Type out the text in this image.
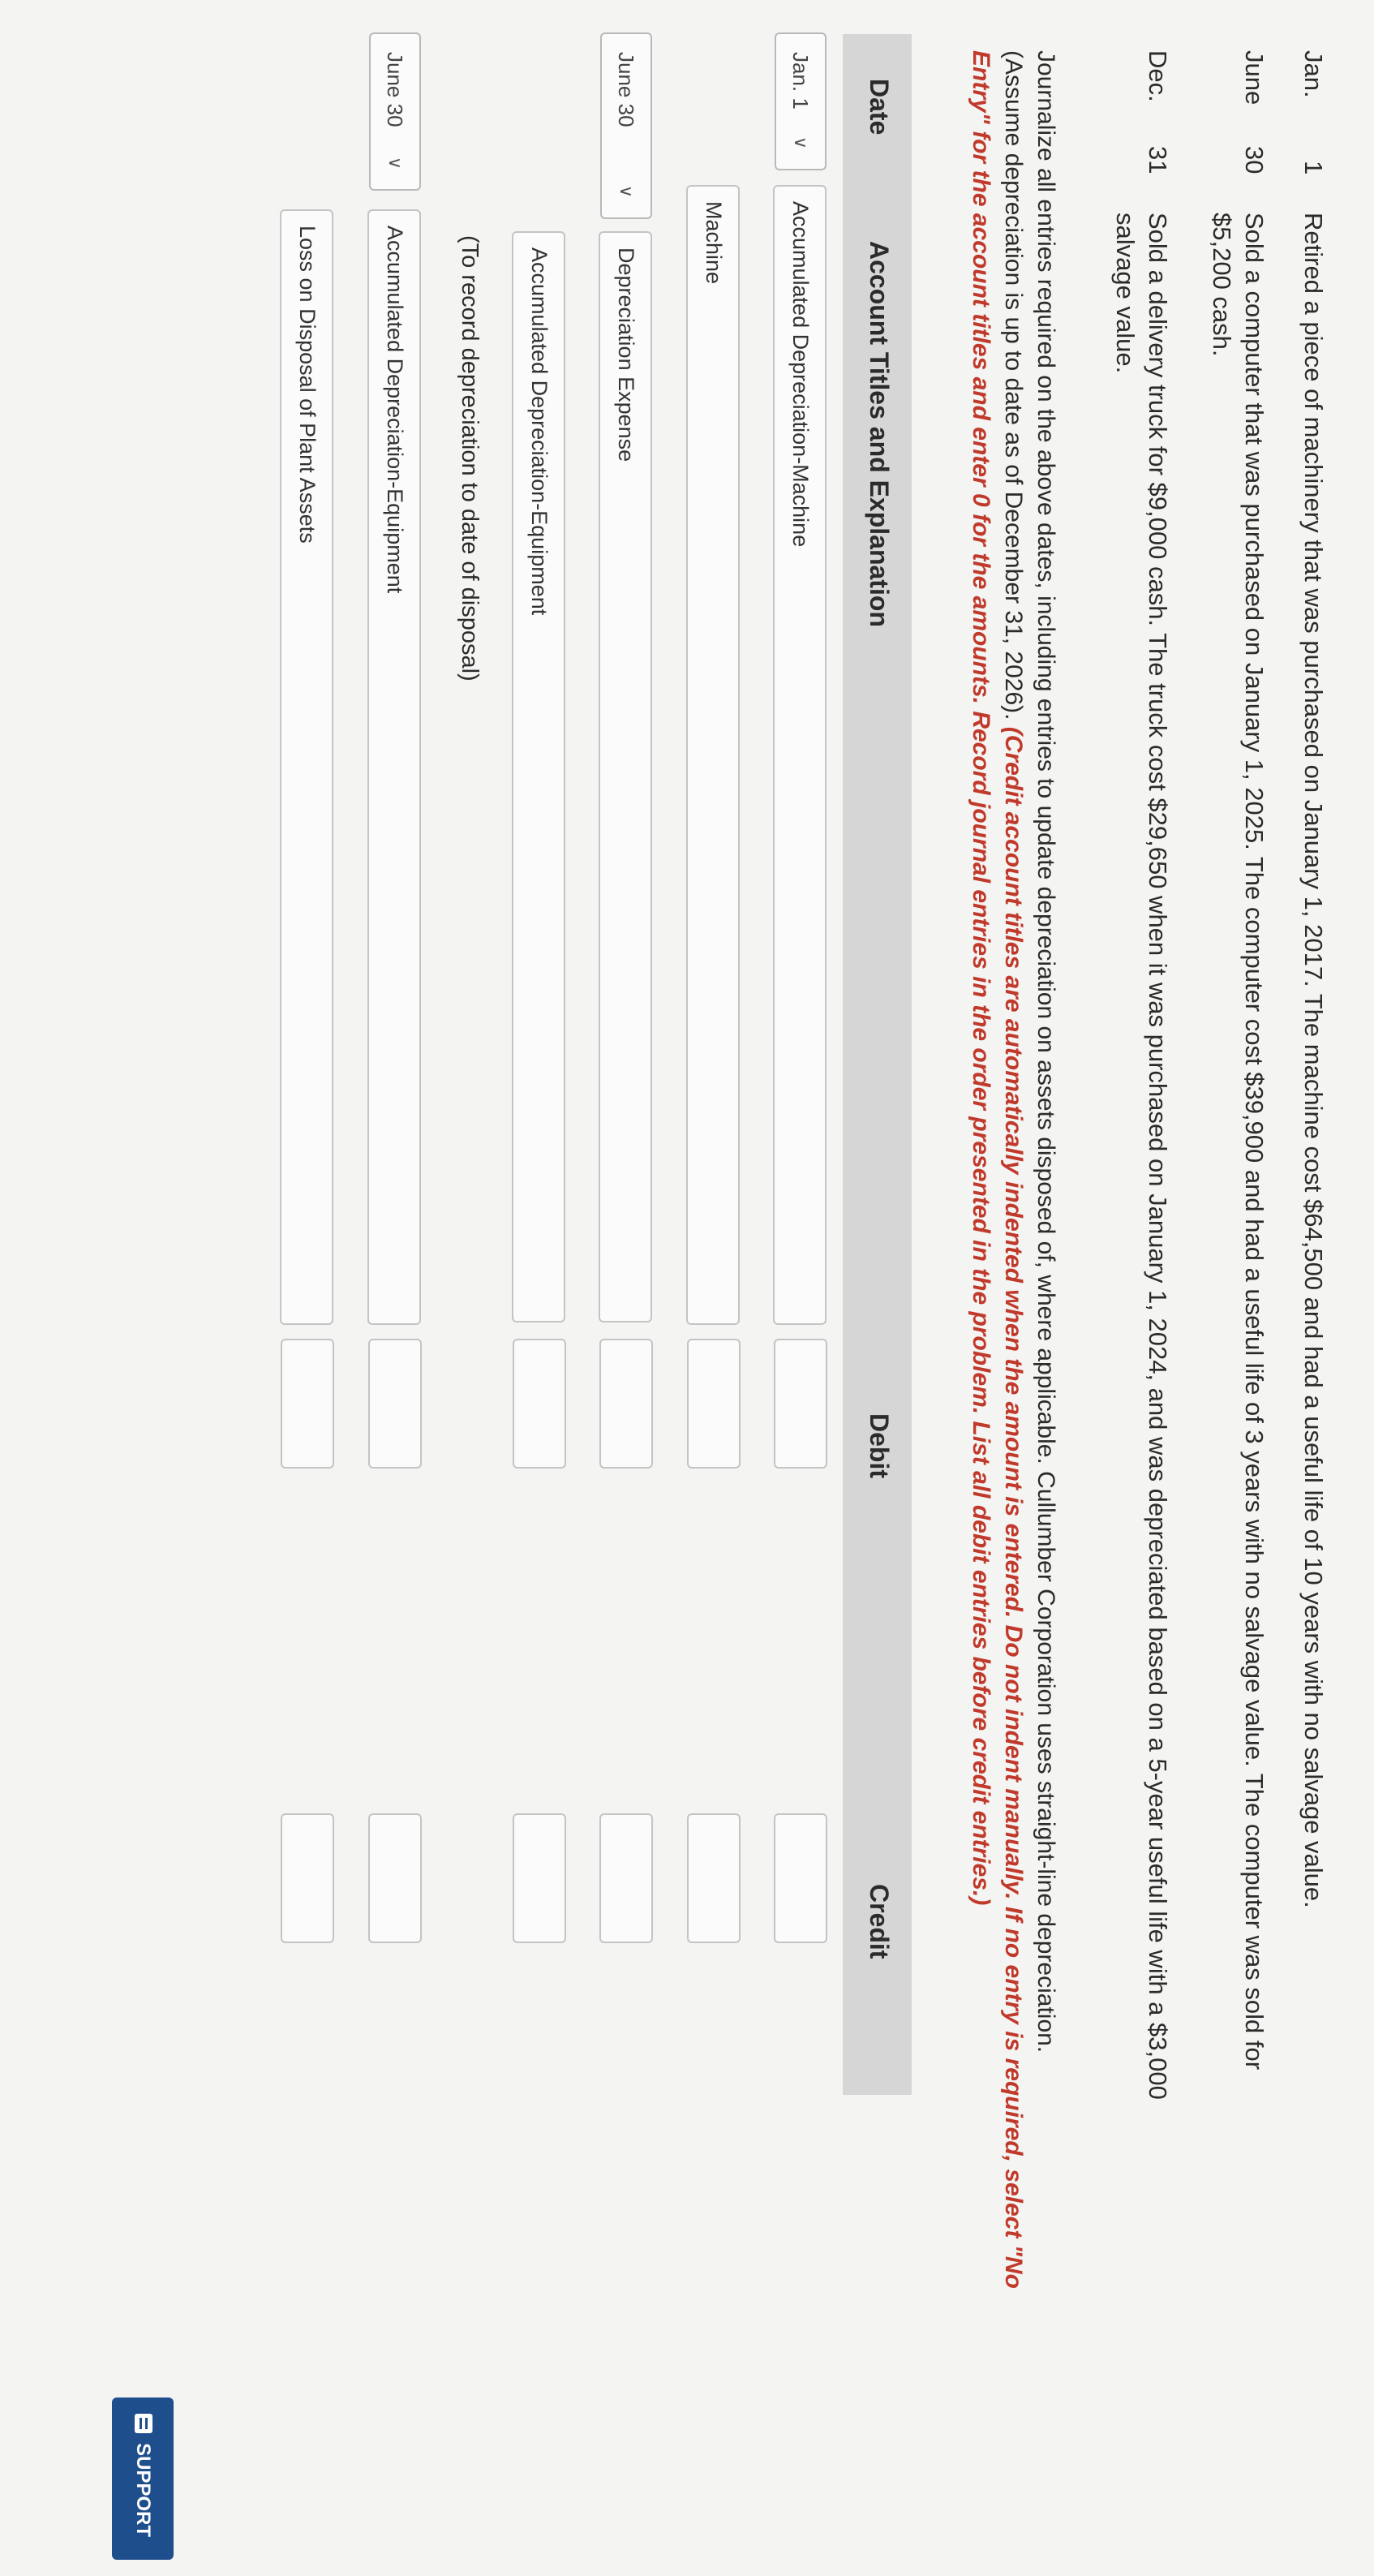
Jan.
1
Retired a piece of machinery that was purchased on January 1, 2017. The machine cost $64,500 and had a useful life of 10 years with no salvage value.
June
30
Sold a computer that was purchased on January 1, 2025. The computer cost $39,900 and had a useful life of 3 years with no salvage value. The computer was sold for
$5,200 cash.
Dec.
31
Sold a delivery truck for $9,000 cash. The truck cost $29,650 when it was purchased on January 1, 2024, and was depreciated based on a 5-year useful life with a $3,000
salvage value.
Journalize all entries required on the above dates, including entries to update depreciation on assets disposed of, where applicable. Cullumber Corporation uses straight-line depreciation.
(Assume depreciation is up to date as of December 31, 2026). (Credit account titles are automatically indented when the amount is entered. Do not indent manually. If no entry is required, select "No
Entry" for the account titles and enter 0 for the amounts. Record journal entries in the order presented in the problem. List all debit entries before credit entries.)
Date
Account Titles and Explanation
Debit
Credit
Jan. 1
∨
Accumulated Depreciation-Machine
Machine
June 30
∨
Depreciation Expense
Accumulated Depreciation-Equipment
(To record depreciation to date of disposal)
June 30
∨
Accumulated Depreciation-Equipment
Loss on Disposal of Plant Assets
SUPPORT
